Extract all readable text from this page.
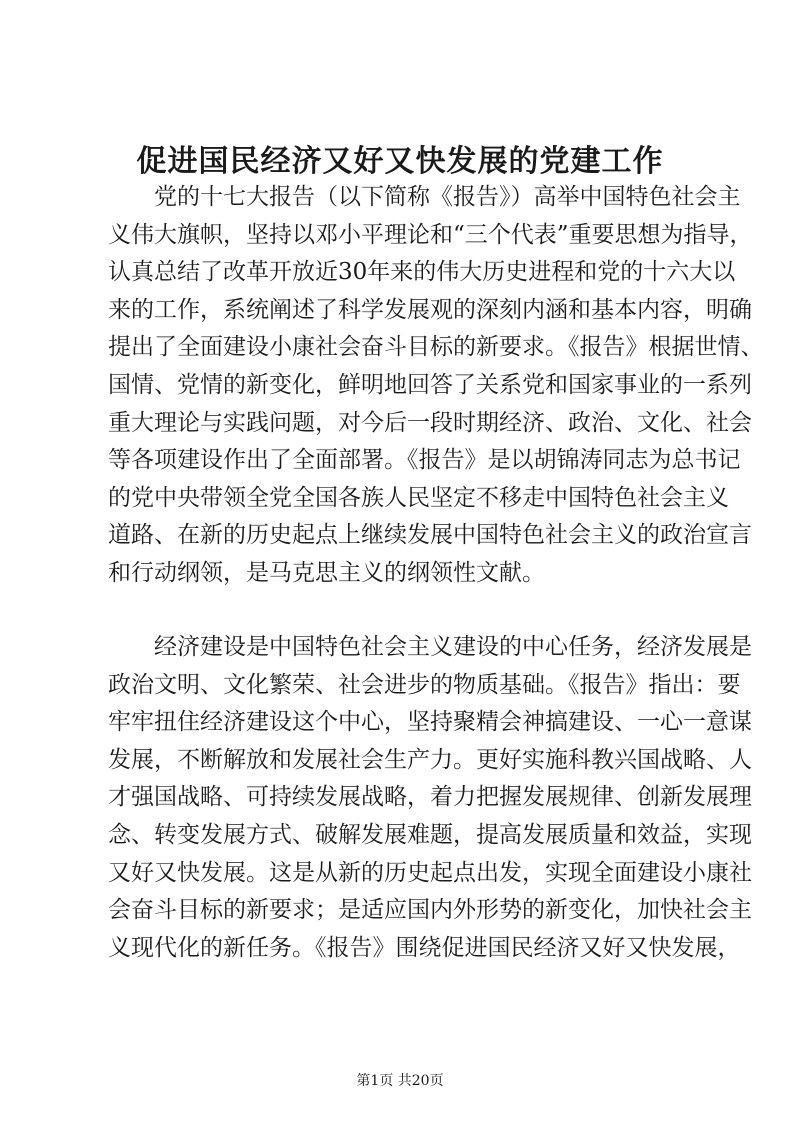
促进国民经济又好又快发展的党建工作
党的十七大报告（以下简称《报告》）高举中国特色社会主
义伟大旗帜，坚持以邓小平理论和“三个代表”重要思想为指导，
认真总结了改革开放近30年来的伟大历史进程和党的十六大以
来的工作，系统阐述了科学发展观的深刻内涵和基本内容，明确
提出了全面建设小康社会奋斗目标的新要求。《报告》根据世情、
国情、党情的新变化，鲜明地回答了关系党和国家事业的一系列
重大理论与实践问题，对今后一段时期经济、政治、文化、社会
等各项建设作出了全面部署。《报告》是以胡锦涛同志为总书记
的党中央带领全党全国各族人民坚定不移走中国特色社会主义
道路、在新的历史起点上继续发展中国特色社会主义的政治宣言
和行动纲领，是马克思主义的纲领性文献。
经济建设是中国特色社会主义建设的中心任务，经济发展是
政治文明、文化繁荣、社会进步的物质基础。《报告》指出：要
牢牢扭住经济建设这个中心，坚持聚精会神搞建设、一心一意谋
发展，不断解放和发展社会生产力。更好实施科教兴国战略、人
才强国战略、可持续发展战略，着力把握发展规律、创新发展理
念、转变发展方式、破解发展难题，提高发展质量和效益，实现
又好又快发展。这是从新的历史起点出发，实现全面建设小康社
会奋斗目标的新要求；是适应国内外形势的新变化，加快社会主
义现代化的新任务。《报告》围绕促进国民经济又好又快发展，
第1页 共20页
